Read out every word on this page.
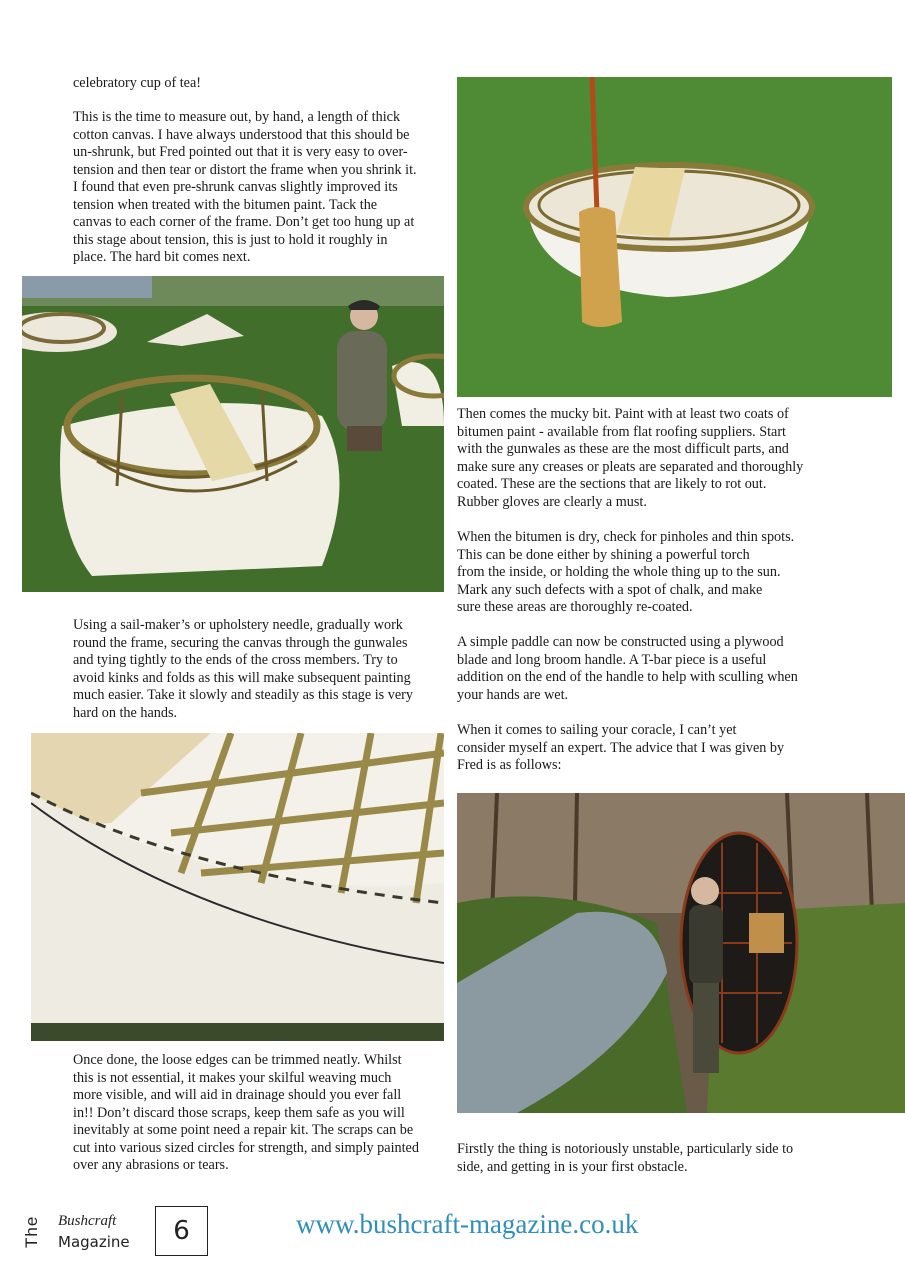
celebratory cup of tea!

This is the time to measure out, by hand, a length of thick
cotton canvas. I have always understood that this should be
un-shrunk, but Fred pointed out that it is very easy to over-
tension and then tear or distort the frame when you shrink it.
I found that even pre-shrunk canvas slightly improved its
tension when treated with the bitumen paint. Tack the
canvas to each corner of the frame. Don’t get too hung up at
this stage about tension, this is just to hold it roughly in
place. The hard bit comes next.

Using a sail-maker’s or upholstery needle, gradually work
round the frame, securing the canvas through the gunwales
and tying tightly to the ends of the cross members. Try to
avoid kinks and folds as this will make subsequent painting
much easier. Take it slowly and steadily as this stage is very
hard on the hands.

Once done, the loose edges can be trimmed neatly. Whilst
this is not essential, it makes your skilful weaving much
more visible, and will aid in drainage should you ever fall
in!! Don’t discard those scraps, keep them safe as you will
inevitably at some point need a repair kit. The scraps can be
cut into various sized circles for strength, and simply painted
over any abrasions or tears.

Then comes the mucky bit. Paint with at least two coats of
bitumen paint - available from flat roofing suppliers. Start
with the gunwales as these are the most difficult parts, and
make sure any creases or pleats are separated and thoroughly
coated. These are the sections that are likely to rot out.
Rubber gloves are clearly a must.

When the bitumen is dry, check for pinholes and thin spots.
This can be done either by shining a powerful torch
from the inside, or holding the whole thing up to the sun.
Mark any such defects with a spot of chalk, and make
sure these areas are thoroughly re-coated.

A simple paddle can now be constructed using a plywood
blade and long broom handle. A T-bar piece is a useful
addition on the end of the handle to help with sculling when
your hands are wet.

When it comes to sailing your coracle, I can’t yet
consider myself an expert. The advice that I was given by
Fred is as follows:

Firstly the thing is notoriously unstable, particularly side to
side, and getting in is your first obstacle.

The Bushcraft
Magazine	6	www.bushcraft-magazine.co.uk
